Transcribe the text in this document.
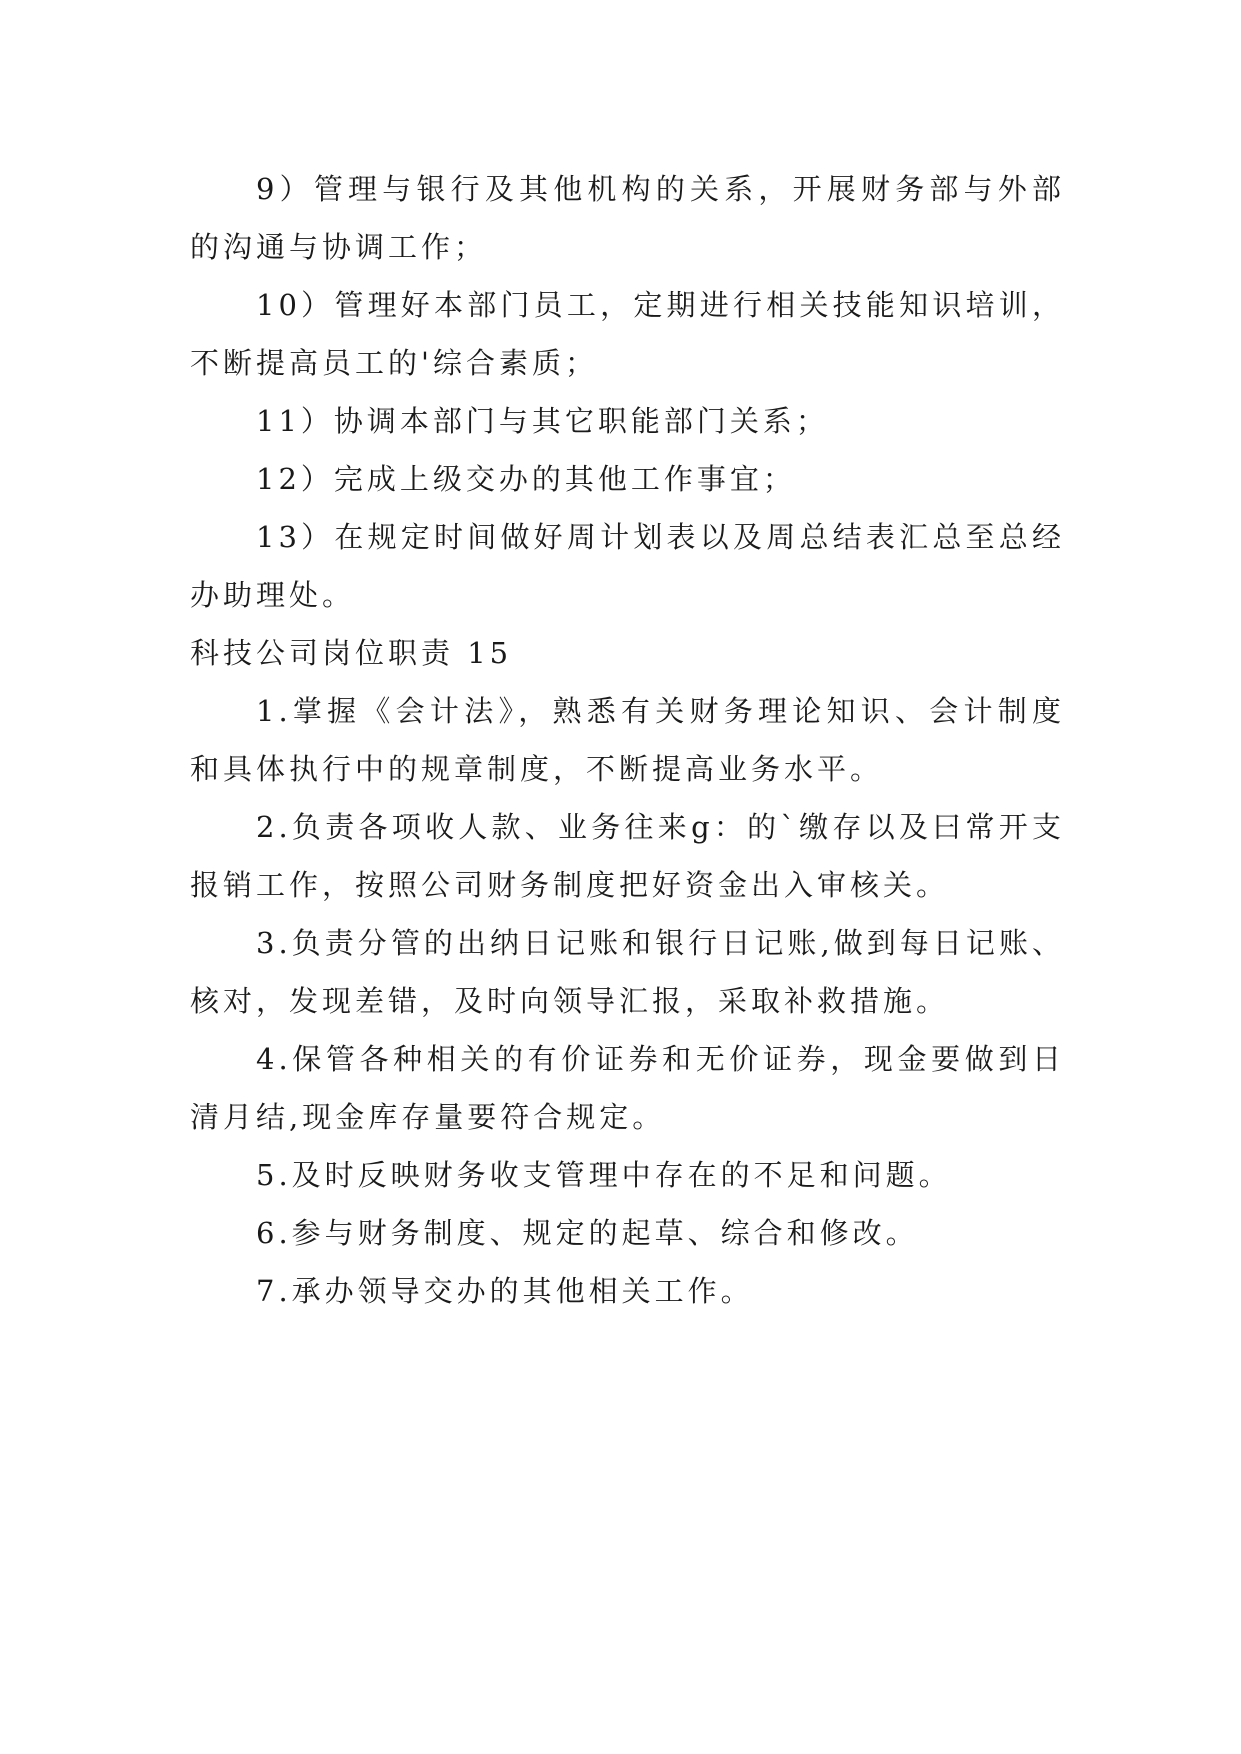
9）管理与银行及其他机构的关系，开展财务部与外部的沟通与协调工作；

10）管理好本部门员工，定期进行相关技能知识培训，不断提高员工的'综合素质；

11）协调本部门与其它职能部门关系；

12）完成上级交办的其他工作事宜；

13）在规定时间做好周计划表以及周总结表汇总至总经办助理处。

科技公司岗位职责 15

1.掌握《会计法》，熟悉有关财务理论知识、会计制度和具体执行中的规章制度，不断提高业务水平。

2.负责各项收人款、业务往来g：的`缴存以及曰常开支报销工作，按照公司财务制度把好资金出入审核关。

3.负责分管的出纳日记账和银行日记账,做到每日记账、核对，发现差错，及时向领导汇报，采取补救措施。

4.保管各种相关的有价证券和无价证券，现金要做到日清月结,现金库存量要符合规定。

5.及时反映财务收支管理中存在的不足和问题。

6.参与财务制度、规定的起草、综合和修改。

7.承办领导交办的其他相关工作。
